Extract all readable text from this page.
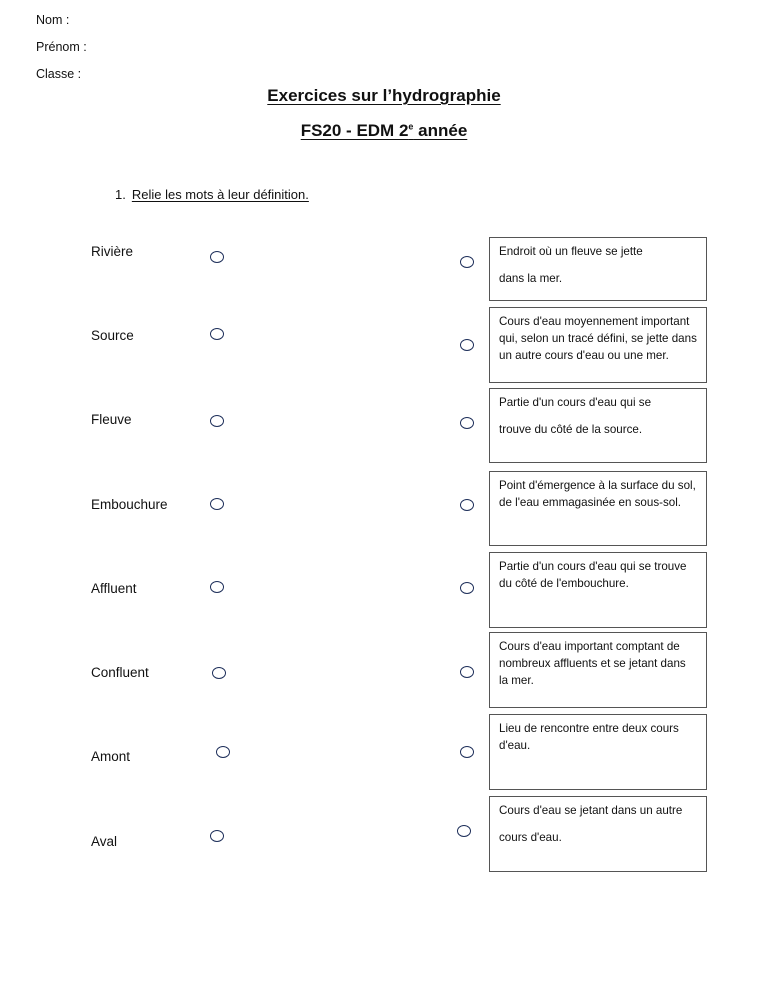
Nom :
Prénom :
Classe :
Exercices sur l’hydrographie
FS20 - EDM 2e année
1. Relie les mots à leur définition.
Rivière
Source
Fleuve
Embouchure
Affluent
Confluent
Amont
Aval
Endroit où un fleuve se jette
dans la mer.
Cours d'eau moyennement important qui, selon un tracé défini, se jette dans un autre cours d'eau ou une mer.
Partie d'un cours d'eau qui se
trouve du côté de la source.
Point d'émergence à la surface du sol, de l'eau emmagasinée en sous-sol.
Partie d'un cours d'eau qui se trouve du côté de l'embouchure.
Cours d'eau important comptant de nombreux affluents et se jetant dans la mer.
Lieu de rencontre entre deux cours d'eau.
Cours d'eau se jetant dans un autre
cours d'eau.
